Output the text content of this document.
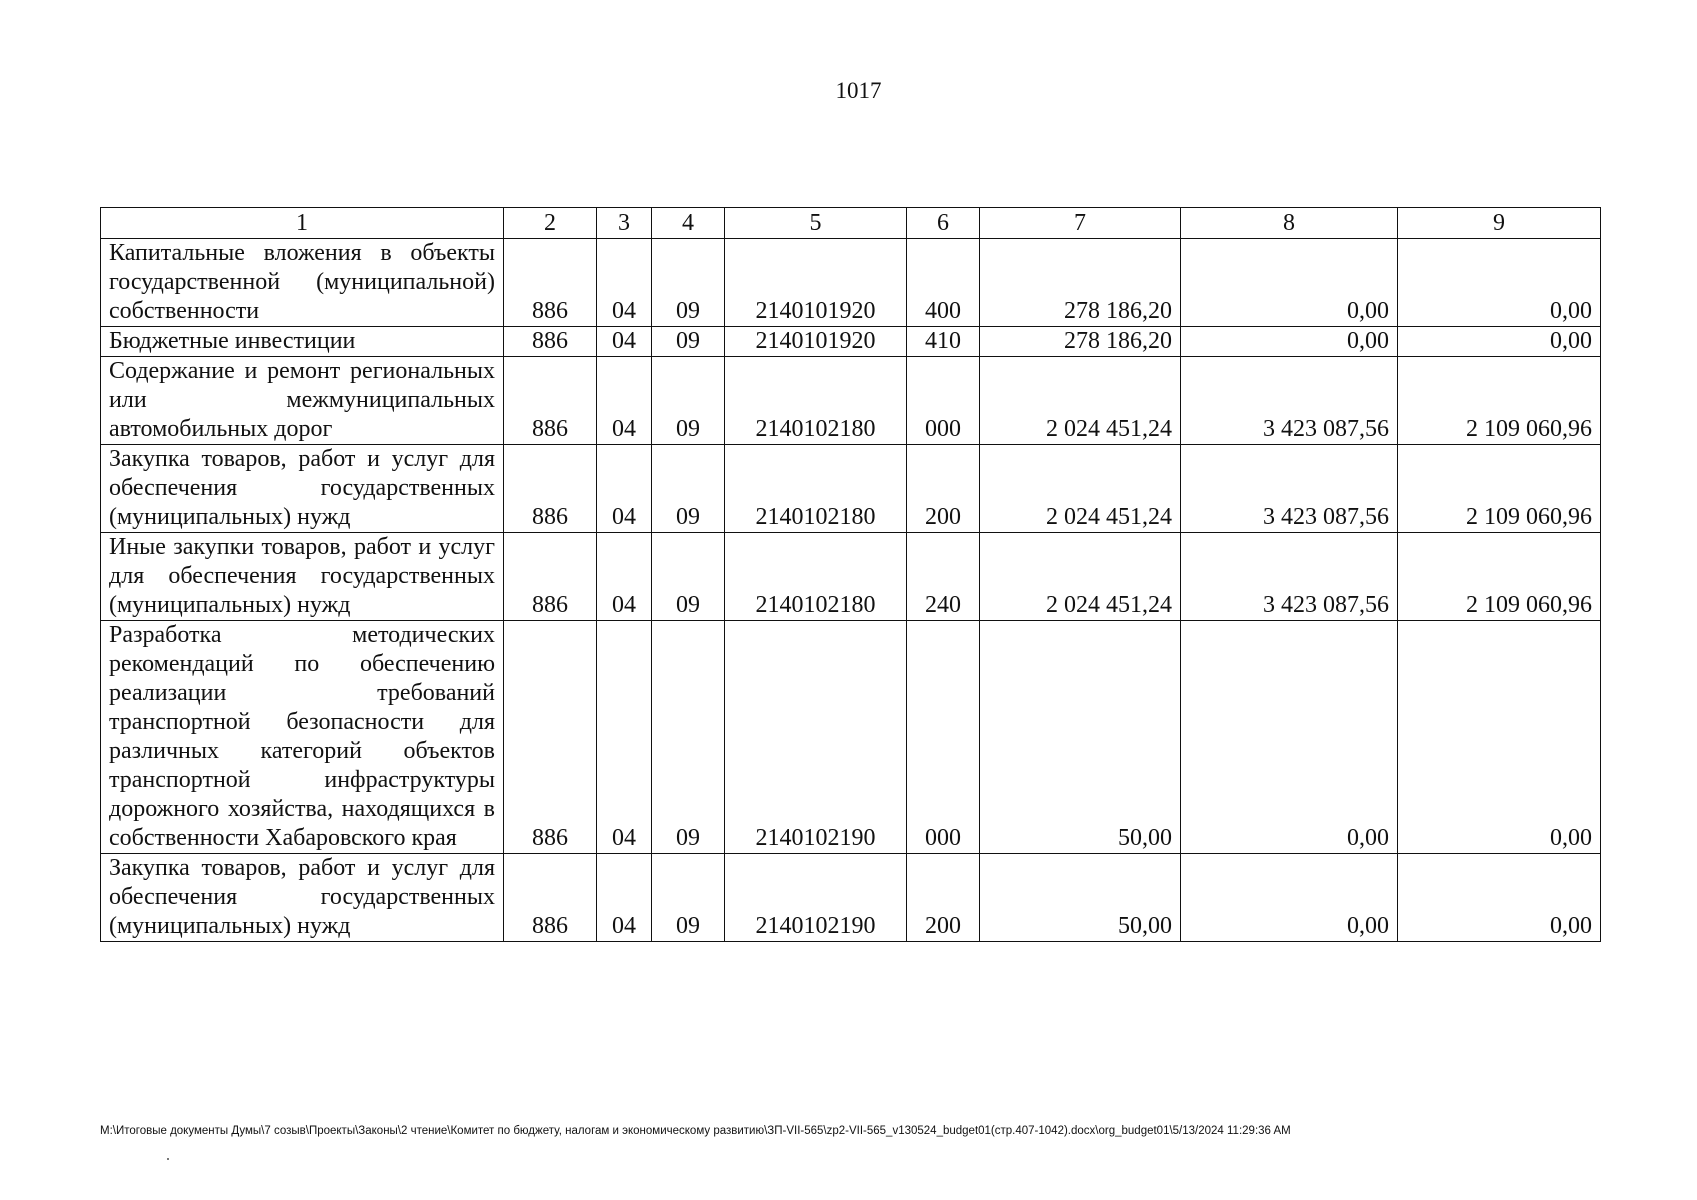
1017
1	2	3	4	5	6	7	8	9
Капитальные вложения в объекты государственной (муниципальной) собственности	886	04	09	2140101920	400	278 186,20	0,00	0,00
Бюджетные инвестиции	886	04	09	2140101920	410	278 186,20	0,00	0,00
Содержание и ремонт региональных или межмуниципальных автомобильных дорог	886	04	09	2140102180	000	2 024 451,24	3 423 087,56	2 109 060,96
Закупка товаров, работ и услуг для обеспечения государственных (муниципальных) нужд	886	04	09	2140102180	200	2 024 451,24	3 423 087,56	2 109 060,96
Иные закупки товаров, работ и услуг для обеспечения государственных (муниципальных) нужд	886	04	09	2140102180	240	2 024 451,24	3 423 087,56	2 109 060,96
Разработка методических рекомендаций по обеспечению реализации требований транспортной безопасности для различных категорий объектов транспортной инфраструктуры дорожного хозяйства, находящихся в собственности Хабаровского края	886	04	09	2140102190	000	50,00	0,00	0,00
Закупка товаров, работ и услуг для обеспечения государственных (муниципальных) нужд	886	04	09	2140102190	200	50,00	0,00	0,00
M:\Итоговые документы Думы\7 созыв\Проекты\Законы\2 чтение\Комитет по бюджету, налогам и экономическому развитию\ЗП-VII-565\zp2-VII-565_v130524_budget01(стр.407-1042).docx\org_budget01\5/13/2024 11:29:36 AM
